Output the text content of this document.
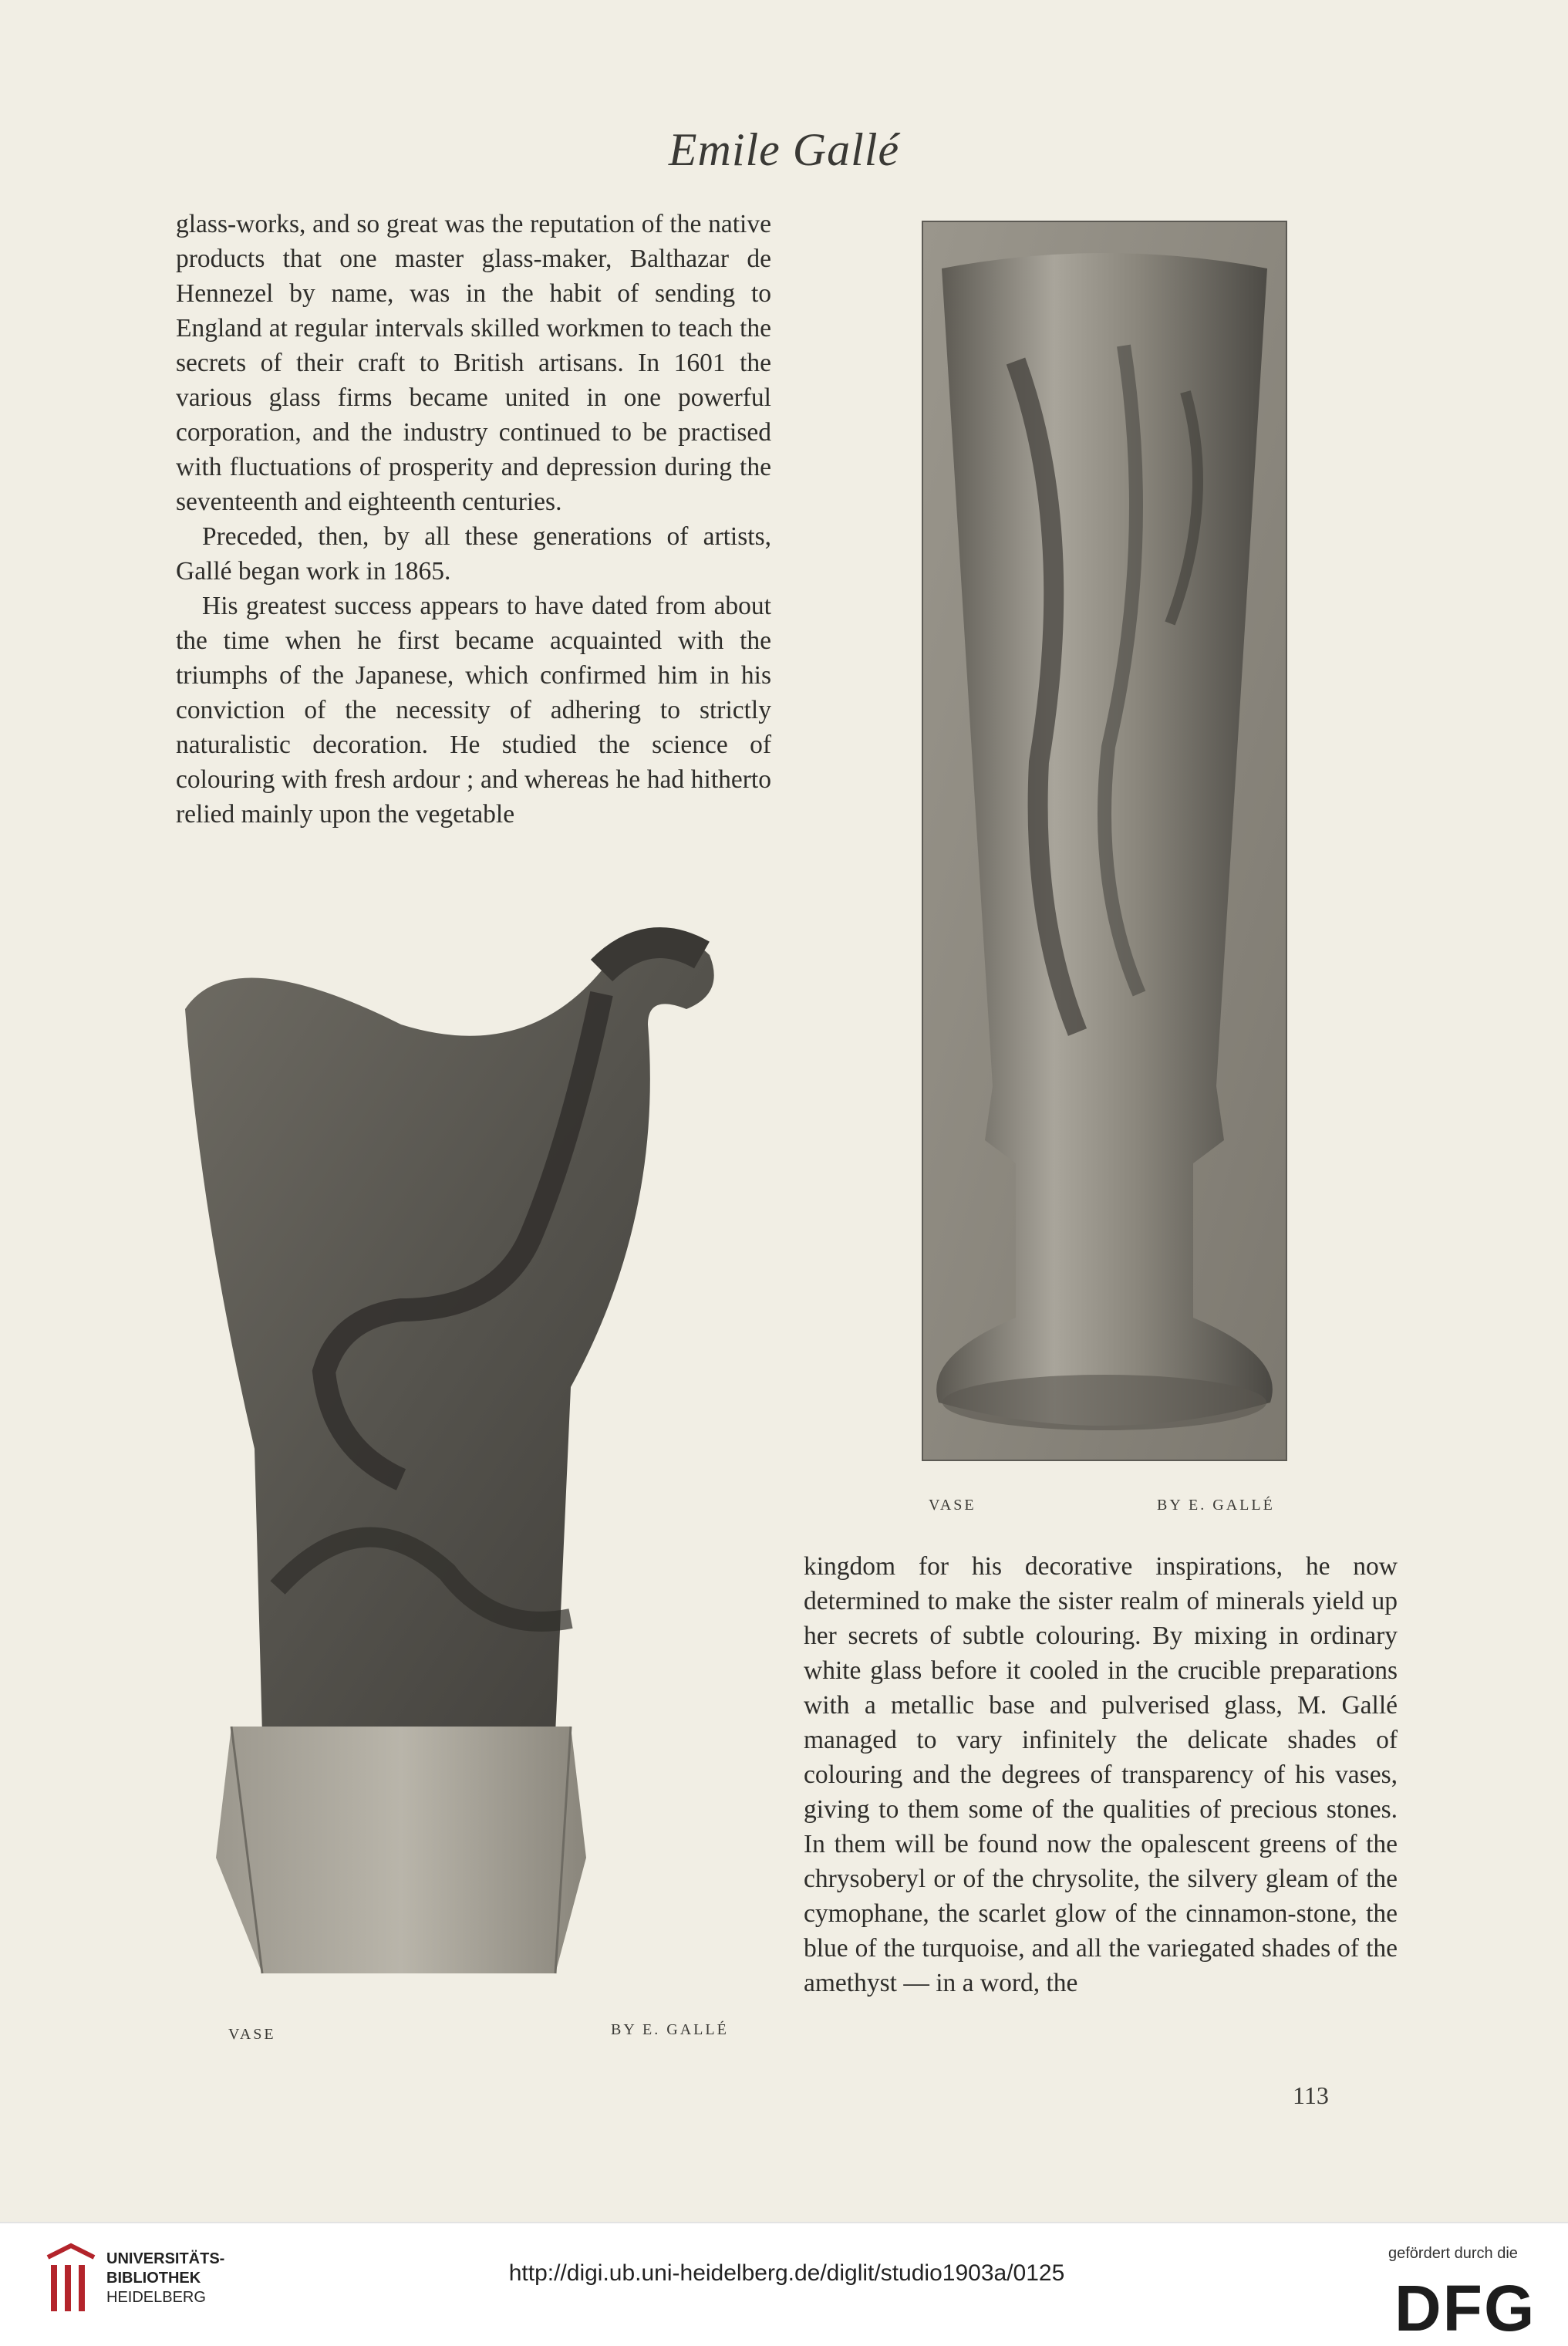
Emile Gallé

glass-works, and so great was the reputation of the native products that one master glass-maker, Balthazar de Hennezel by name, was in the habit of sending to England at regular intervals skilled workmen to teach the secrets of their craft to British artisans. In 1601 the various glass firms became united in one powerful corporation, and the industry continued to be practised with fluctuations of prosperity and depression during the seventeenth and eighteenth centuries.

Preceded, then, by all these generations of artists, Gallé began work in 1865.

His greatest success appears to have dated from about the time when he first became acquainted with the triumphs of the Japanese, which confirmed him in his conviction of the necessity of adhering to strictly naturalistic decoration. He studied the science of colouring with fresh ardour ; and whereas he had hitherto relied mainly upon the vegetable

VASE	BY E. GALLÉ
VASE	BY E. GALLÉ

kingdom for his decorative inspirations, he now determined to make the sister realm of minerals yield up her secrets of subtle colouring. By mixing in ordinary white glass before it cooled in the crucible preparations with a metallic base and pulverised glass, M. Gallé managed to vary infinitely the delicate shades of colouring and the degrees of transparency of his vases, giving to them some of the qualities of precious stones. In them will be found now the opalescent greens of the chrysoberyl or of the chrysolite, the silvery gleam of the cymophane, the scarlet glow of the cinnamon-stone, the blue of the turquoise, and all the variegated shades of the amethyst — in a word, the

113
UNIVERSITÄTS-
BIBLIOTHEK
HEIDELBERG
http://digi.ub.uni-heidelberg.de/diglit/studio1903a/0125
gefördert durch die
DFG
